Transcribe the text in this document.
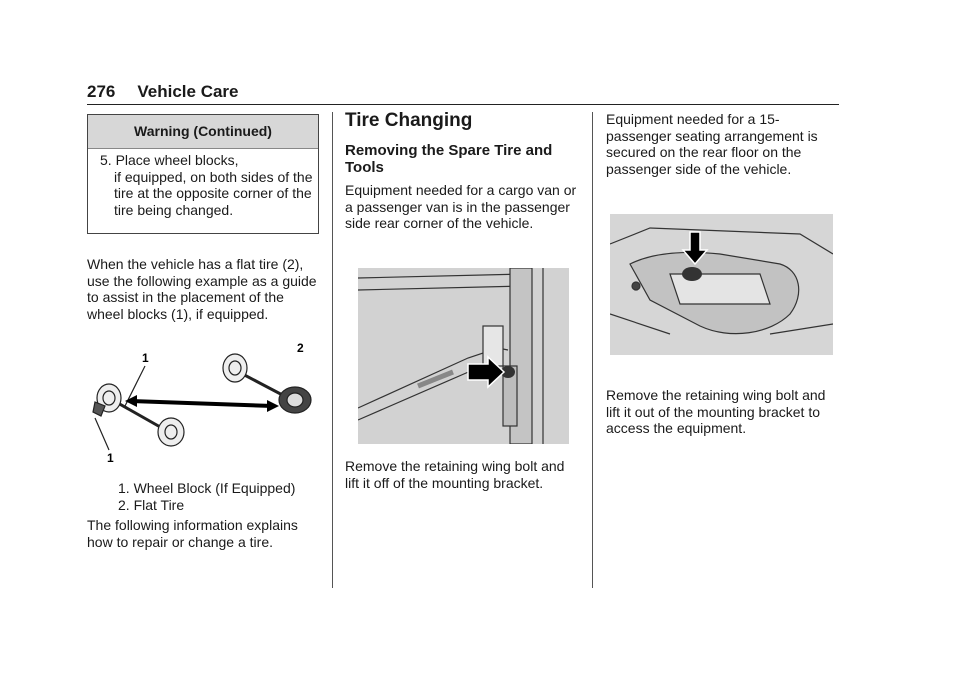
276 Vehicle Care
Warning (Continued)
5. Place wheel blocks,
if equipped, on both sides of the tire at the opposite corner of the tire being changed.

When the vehicle has a flat tire (2), use the following example as a guide to assist in the placement of the wheel blocks (1), if equipped.

1
2
1
1. Wheel Block (If Equipped)
2. Flat Tire

The following information explains how to repair or change a tire.

Tire Changing
Removing the Spare Tire and Tools

Equipment needed for a cargo van or a passenger van is in the passenger side rear corner of the vehicle.

Remove the retaining wing bolt and lift it off of the mounting bracket.

Equipment needed for a 15-passenger seating arrangement is secured on the rear floor on the passenger side of the vehicle.

Remove the retaining wing bolt and lift it out of the mounting bracket to access the equipment.
